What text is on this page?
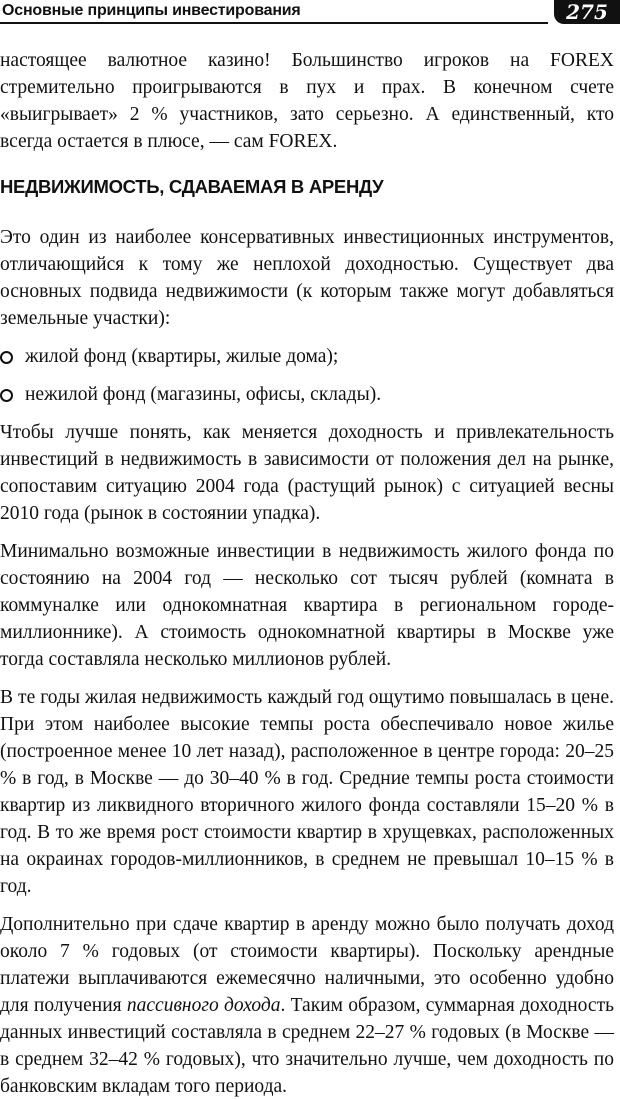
Основные принципы инвестирования	275

настоящее валютное казино! Большинство игроков на FOREX стремительно проигрываются в пух и прах. В конечном счете «выигрывает» 2 % участников, зато серьезно. А единственный, кто всегда остается в плюсе, — сам FOREX.

НЕДВИЖИМОСТЬ, СДАВАЕМАЯ В АРЕНДУ

Это один из наиболее консервативных инвестиционных инструментов, отличающийся к тому же неплохой доходностью. Существует два основных подвида недвижимости (к которым также могут добавляться земельные участки):

жилой фонд (квартиры, жилые дома);
нежилой фонд (магазины, офисы, склады).

Чтобы лучше понять, как меняется доходность и привлекательность инвестиций в недвижимость в зависимости от положения дел на рынке, сопоставим ситуацию 2004 года (растущий рынок) с ситуацией весны 2010 года (рынок в состоянии упадка).

Минимально возможные инвестиции в недвижимость жилого фонда по состоянию на 2004 год — несколько сот тысяч рублей (комната в коммуналке или однокомнатная квартира в региональном городе-миллионнике). А стоимость однокомнатной квартиры в Москве уже тогда составляла несколько миллионов рублей.

В те годы жилая недвижимость каждый год ощутимо повышалась в цене. При этом наиболее высокие темпы роста обеспечивало новое жилье (построенное менее 10 лет назад), расположенное в центре города: 20–25 % в год, в Москве — до 30–40 % в год. Средние темпы роста стоимости квартир из ликвидного вторичного жилого фонда составляли 15–20 % в год. В то же время рост стоимости квартир в хрущевках, расположенных на окраинах городов-миллионников, в среднем не превышал 10–15 % в год.

Дополнительно при сдаче квартир в аренду можно было получать доход около 7 % годовых (от стоимости квартиры). Поскольку арендные платежи выплачиваются ежемесячно наличными, это особенно удобно для получения пассивного дохода. Таким образом, суммарная доходность данных инвестиций составляла в среднем 22–27 % годовых (в Москве — в среднем 32–42 % годовых), что значительно лучше, чем доходность по банковским вкладам того периода.
